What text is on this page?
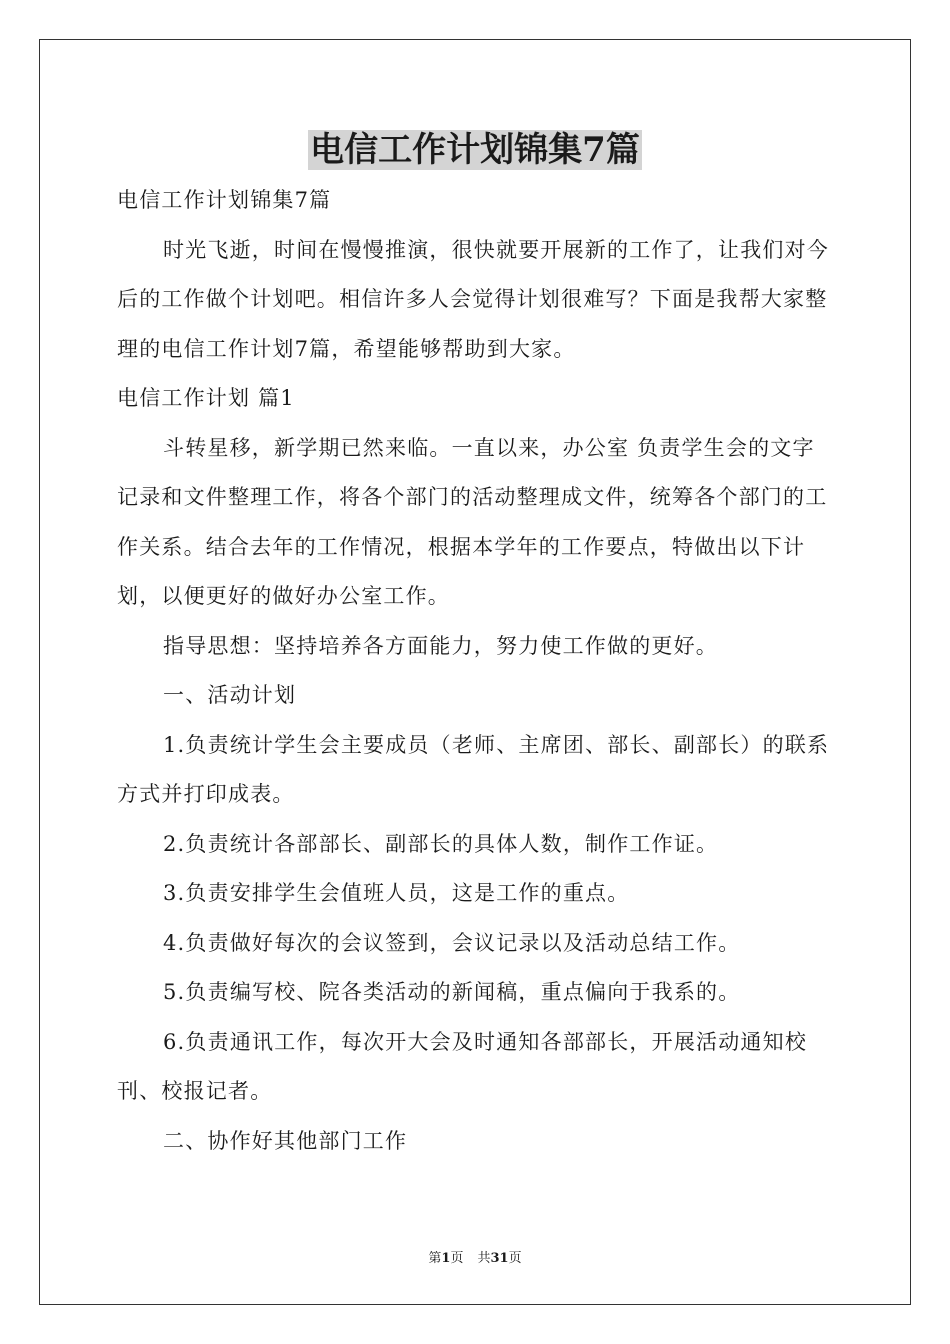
电信工作计划锦集7篇

电信工作计划锦集7篇

时光飞逝，时间在慢慢推演，很快就要开展新的工作了，让我们对今后的工作做个计划吧。相信许多人会觉得计划很难写？下面是我帮大家整理的电信工作计划7篇，希望能够帮助到大家。

电信工作计划 篇1

斗转星移，新学期已然来临。一直以来，办公室 负责学生会的文字记录和文件整理工作，将各个部门的活动整理成文件，统筹各个部门的工作关系。结合去年的工作情况，根据本学年的工作要点，特做出以下计划，以便更好的做好办公室工作。

指导思想：坚持培养各方面能力，努力使工作做的更好。

一、活动计划

1.负责统计学生会主要成员（老师、主席团、部长、副部长）的联系方式并打印成表。

2.负责统计各部部长、副部长的具体人数，制作工作证。

3.负责安排学生会值班人员，这是工作的重点。

4.负责做好每次的会议签到，会议记录以及活动总结工作。

5.负责编写校、院各类活动的新闻稿，重点偏向于我系的。

6.负责通讯工作，每次开大会及时通知各部部长，开展活动通知校刊、校报记者。

二、协作好其他部门工作

第1页 共31页
